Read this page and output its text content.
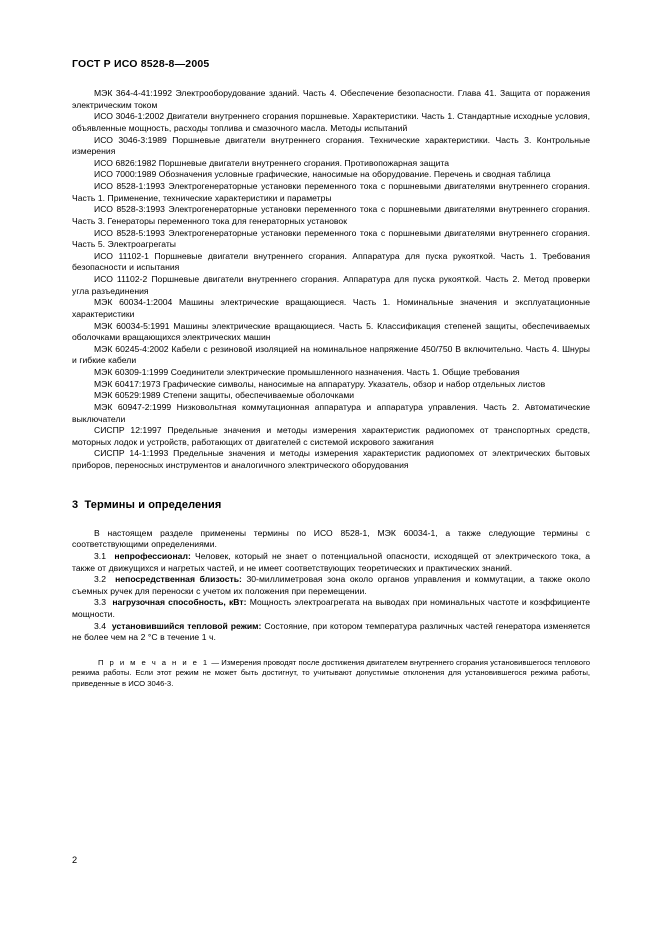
ГОСТ Р ИСО 8528-8—2005

МЭК 364-4-41:1992 Электрооборудование зданий. Часть 4. Обеспечение безопасности. Глава 41. Защита от поражения электрическим током

ИСО 3046-1:2002 Двигатели внутреннего сгорания поршневые. Характеристики. Часть 1. Стандартные исходные условия, объявленные мощность, расходы топлива и смазочного масла. Методы испытаний

ИСО 3046-3:1989 Поршневые двигатели внутреннего сгорания. Технические характеристики. Часть 3. Контрольные измерения

ИСО 6826:1982 Поршневые двигатели внутреннего сгорания. Противопожарная защита

ИСО 7000:1989 Обозначения условные графические, наносимые на оборудование. Перечень и сводная таблица

ИСО 8528-1:1993 Электрогенераторные установки переменного тока с поршневыми двигателями внутреннего сгорания. Часть 1. Применение, технические характеристики и параметры

ИСО 8528-3:1993 Электрогенераторные установки переменного тока с поршневыми двигателями внутреннего сгорания. Часть 3. Генераторы переменного тока для генераторных установок

ИСО 8528-5:1993 Электрогенераторные установки переменного тока с поршневыми двигателями внутреннего сгорания. Часть 5. Электроагрегаты

ИСО 11102-1 Поршневые двигатели внутреннего сгорания. Аппаратура для пуска рукояткой. Часть 1. Требования безопасности и испытания

ИСО 11102-2 Поршневые двигатели внутреннего сгорания. Аппаратура для пуска рукояткой. Часть 2. Метод проверки угла разъединения

МЭК 60034-1:2004 Машины электрические вращающиеся. Часть 1. Номинальные значения и эксплуатационные характеристики

МЭК 60034-5:1991 Машины электрические вращающиеся. Часть 5. Классификация степеней защиты, обеспечиваемых оболочками вращающихся электрических машин

МЭК 60245-4:2002 Кабели с резиновой изоляцией на номинальное напряжение 450/750 В включительно. Часть 4. Шнуры и гибкие кабели

МЭК 60309-1:1999 Соединители электрические промышленного назначения. Часть 1. Общие требования

МЭК 60417:1973 Графические символы, наносимые на аппаратуру. Указатель, обзор и набор отдельных листов

МЭК 60529:1989 Степени защиты, обеспечиваемые оболочками

МЭК 60947-2:1999 Низковольтная коммутационная аппаратура и аппаратура управления. Часть 2. Автоматические выключатели

СИСПР 12:1997 Предельные значения и методы измерения характеристик радиопомех от транспортных средств, моторных лодок и устройств, работающих от двигателей с системой искрового зажигания

СИСПР 14-1:1993 Предельные значения и методы измерения характеристик радиопомех от электрических бытовых приборов, переносных инструментов и аналогичного электрического оборудования

3 Термины и определения

В настоящем разделе применены термины по ИСО 8528-1, МЭК 60034-1, а также следующие термины с соответствующими определениями.

3.1 непрофессионал: Человек, который не знает о потенциальной опасности, исходящей от электрического тока, а также от движущихся и нагретых частей, и не имеет соответствующих теоретических и практических знаний.

3.2 непосредственная близость: 30-миллиметровая зона около органов управления и коммутации, а также около съемных ручек для переноски с учетом их положения при перемещении.

3.3 нагрузочная способность, кВт: Мощность электроагрегата на выводах при номинальных частоте и коэффициенте мощности.

3.4 установившийся тепловой режим: Состояние, при котором температура различных частей генератора изменяется не более чем на 2 °С в течение 1 ч.

П р и м е ч а н и е 1 — Измерения проводят после достижения двигателем внутреннего сгорания установившегося теплового режима работы. Если этот режим не может быть достигнут, то учитывают допустимые отклонения для установившегося режима работы, приведенные в ИСО 3046-3.

2
